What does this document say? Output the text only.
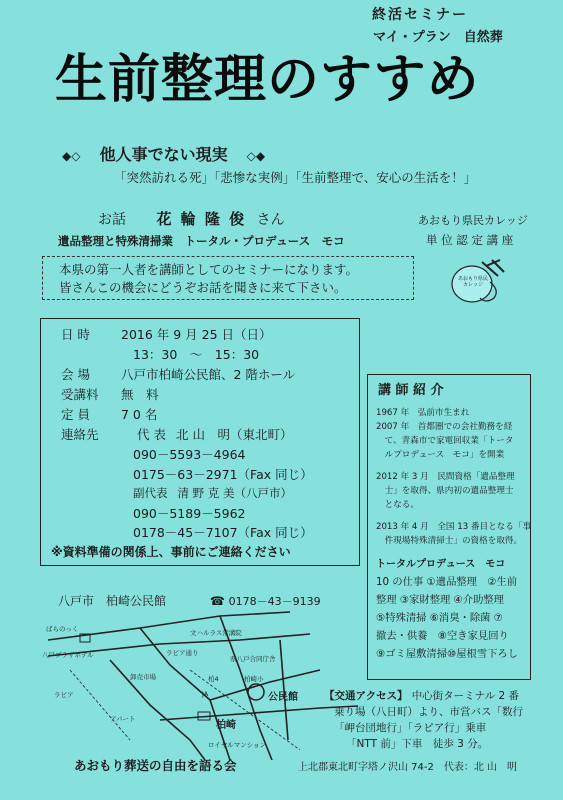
終活セミナー
マイ・プラン　自然葬
生前整理のすすめ
◆◇ 他人事でない現実 ◇◆
「突然訪れる死」「悲惨な実例」「生前整理で、安心の生活を！」
お話 花 輪 隆 俊 さん
遺品整理と特殊清掃業　トータル・プロデュース　モコ
あおもり県民カレッジ
単 位 認 定 講 座
本県の第一人者を講師としてのセミナーになります。
皆さんこの機会にどうぞお話を聞きに来て下さい。
あおもり県民カレッジ
日 時 2016 年 9 月 25 日（日）
13：30　～　15：30
会 場 八戸市柏崎公民館、2 階ホール
受講料 無　料
定 員 7 0 名
連絡先	代 表 北 山　明（東北町）
090－5593－4964
0175－63－2971（Fax 同じ）
副代表 清 野 克 美（八戸市）
090－5189－5962
0178－45－7107（Fax 同じ）
※資料準備の関係上、事前にご連絡ください
講 師 紹 介
1967 年　弘前市生まれ
2007 年　首都圏での会社勤務を経
　て、青森市で家電回収業「トータ
　ルプロデュース　モコ」を開業
2012 年 3 月　民間資格「遺品整理
　士」を取得、県内初の遺品整理士
　となる。
2013 年 4 月　全国 13 番目となる「事
　件現場特殊清掃士」の資格を取得。
トータルプロデュース　モコ
10 の仕事 ①遺品整理　②生前
整理 ③家財整理 ④介助整理
⑤特殊清掃 ⑥消臭・除菌 ⑦
撤去・供養　⑧空き家見回り
⑨ゴミ屋敷清掃⑩屋根雪下ろし
八戸市　柏崎公民館	☎ 0178－43－9139
ばらのっく
八戸プラザホテル
文ハルラス常溝院
ラピア通り
卸売市場
ラピア
県八戸合同庁舎
柏崎小
JA
柏4
公民館
柏崎
アパート
ロイヤルマンション
【交通アクセス】 中心街ターミナル 2 番
乗り場（八日町）より、市営バス「数行
「岬台団地行」「ラピア行」乗車
「NTT 前」下車　徒歩 3 分。
あおもり葬送の自由を語る会	上北郡東北町字塔ノ沢山 74-2　代表：北 山　明
